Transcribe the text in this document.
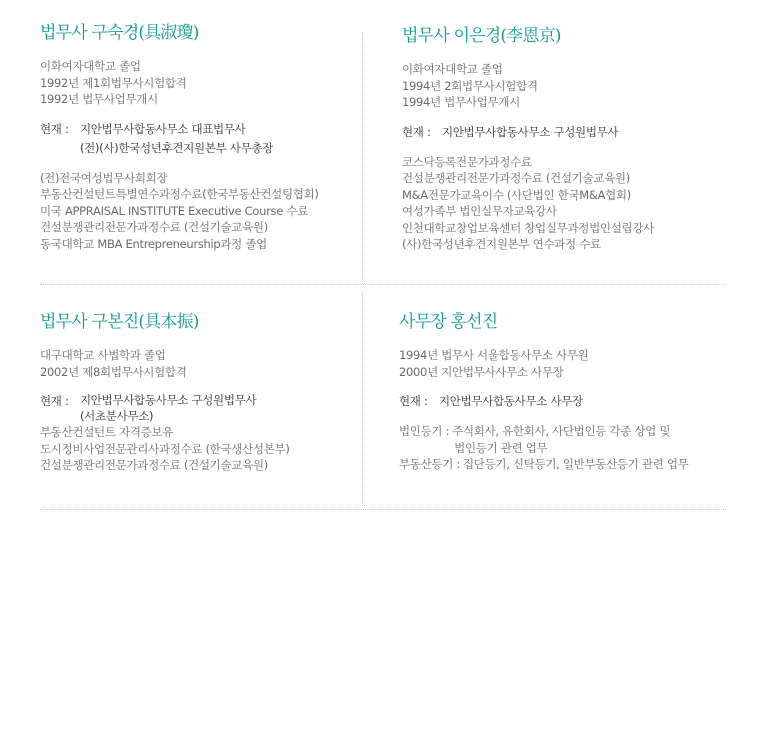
법무사 구숙경(具淑瓊)
이화여자대학교 졸업
1992년 제1회법무사시험합격
1992년 법무사업무개시
현재 : 지안법무사합동사무소 대표법무사
(전)(사)한국성년후견지원본부 사무총장
(전)전국여성법무사회회장
부동산컨설턴트특별연수과정수료(한국부동산컨설팅협회)
미국 APPRAISAL INSTITUTE Executive Course 수료
건설분쟁관리전문가과정수료 (건설기술교육원)
동국대학교 MBA Entrepreneurship과정 졸업
법무사 이은경(李恩京)
이화여자대학교 졸업
1994년 2회법무사시험합격
1994년 법무사업무개시
현재 : 지안법무사합동사무소 구성원법무사
코스닥등록전문가과정수료
건설분쟁관리전문가과정수료 (건설기술교육원)
M&A전문가교육이수 (사단법인 한국M&A협회)
여성가족부 법인실무자교육강사
인천대학교창업보육센터 창업실무과정법인설립강사
(사)한국성년후견지원본부 연수과정 수료
법무사 구본진(具本振)
대구대학교 사법학과 졸업
2002년 제8회법무사시험합격
현재 : 지안법무사합동사무소 구성원법무사
(서초분사무소)
부동산컨설턴트 자격증보유
도시정비사업전문관리사과정수료 (한국생산성본부)
건설분쟁관리전문가과정수료 (건설기술교육원)
사무장 홍선진
1994년 법무사 서울합동사무소 사무원
2000년 지안법무사사무소 사무장
현재 : 지안법무사합동사무소 사무장
법인등기 : 주식회사, 유한회사, 사단법인등 각종 상업 및
법인등기 관련 업무
부동산등기 : 집단등기, 신탁등기, 일반부동산등기 관련 업무
